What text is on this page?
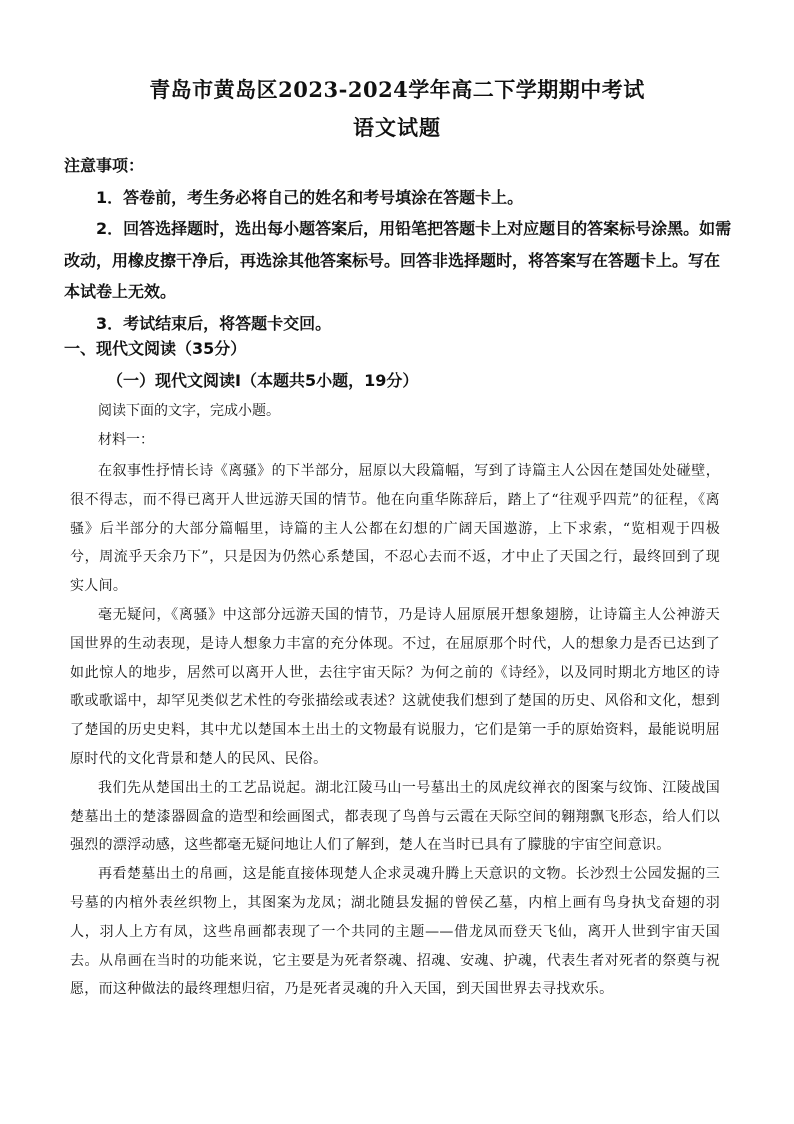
青岛市黄岛区2023-2024学年高二下学期期中考试
语文试题
注意事项：

1．答卷前，考生务必将自己的姓名和考号填涂在答题卡上。

2．回答选择题时，选出每小题答案后，用铅笔把答题卡上对应题目的答案标号涂黑。如需改动，用橡皮擦干净后，再选涂其他答案标号。回答非选择题时，将答案写在答题卡上。写在本试卷上无效。

3．考试结束后，将答题卡交回。

一、现代文阅读（35分）
（一）现代文阅读Ⅰ（本题共5小题，19分）
阅读下面的文字，完成小题。
材料一：

在叙事性抒情长诗《离骚》的下半部分，屈原以大段篇幅，写到了诗篇主人公因在楚国处处碰壁，很不得志，而不得已离开人世远游天国的情节。他在向重华陈辞后，踏上了“往观乎四荒”的征程，《离骚》后半部分的大部分篇幅里，诗篇的主人公都在幻想的广阔天国遨游，上下求索，“览相观于四极兮，周流乎天余乃下”，只是因为仍然心系楚国，不忍心去而不返，才中止了天国之行，最终回到了现实人间。

毫无疑问，《离骚》中这部分远游天国的情节，乃是诗人屈原展开想象翅膀，让诗篇主人公神游天国世界的生动表现，是诗人想象力丰富的充分体现。不过，在屈原那个时代，人的想象力是否已达到了如此惊人的地步，居然可以离开人世，去往宇宙天际？为何之前的《诗经》，以及同时期北方地区的诗歌或歌谣中，却罕见类似艺术性的夸张描绘或表述？这就使我们想到了楚国的历史、风俗和文化，想到了楚国的历史史料，其中尤以楚国本土出土的文物最有说服力，它们是第一手的原始资料，最能说明屈原时代的文化背景和楚人的民风、民俗。

我们先从楚国出土的工艺品说起。湖北江陵马山一号墓出土的凤虎纹禅衣的图案与纹饰、江陵战国楚墓出土的楚漆器圆盒的造型和绘画图式，都表现了鸟兽与云霞在天际空间的翱翔飘飞形态，给人们以强烈的漂浮动感，这些都毫无疑问地让人们了解到，楚人在当时已具有了朦胧的宇宙空间意识。

再看楚墓出土的帛画，这是能直接体现楚人企求灵魂升腾上天意识的文物。长沙烈士公园发掘的三号墓的内棺外表丝织物上，其图案为龙凤；湖北随县发掘的曾侯乙墓，内棺上画有鸟身执戈奋翅的羽人，羽人上方有凤，这些帛画都表现了一个共同的主题——借龙凤而登天飞仙，离开人世到宇宙天国去。从帛画在当时的功能来说，它主要是为死者祭魂、招魂、安魂、护魂，代表生者对死者的祭奠与祝愿，而这种做法的最终理想归宿，乃是死者灵魂的升入天国，到天国世界去寻找欢乐。
